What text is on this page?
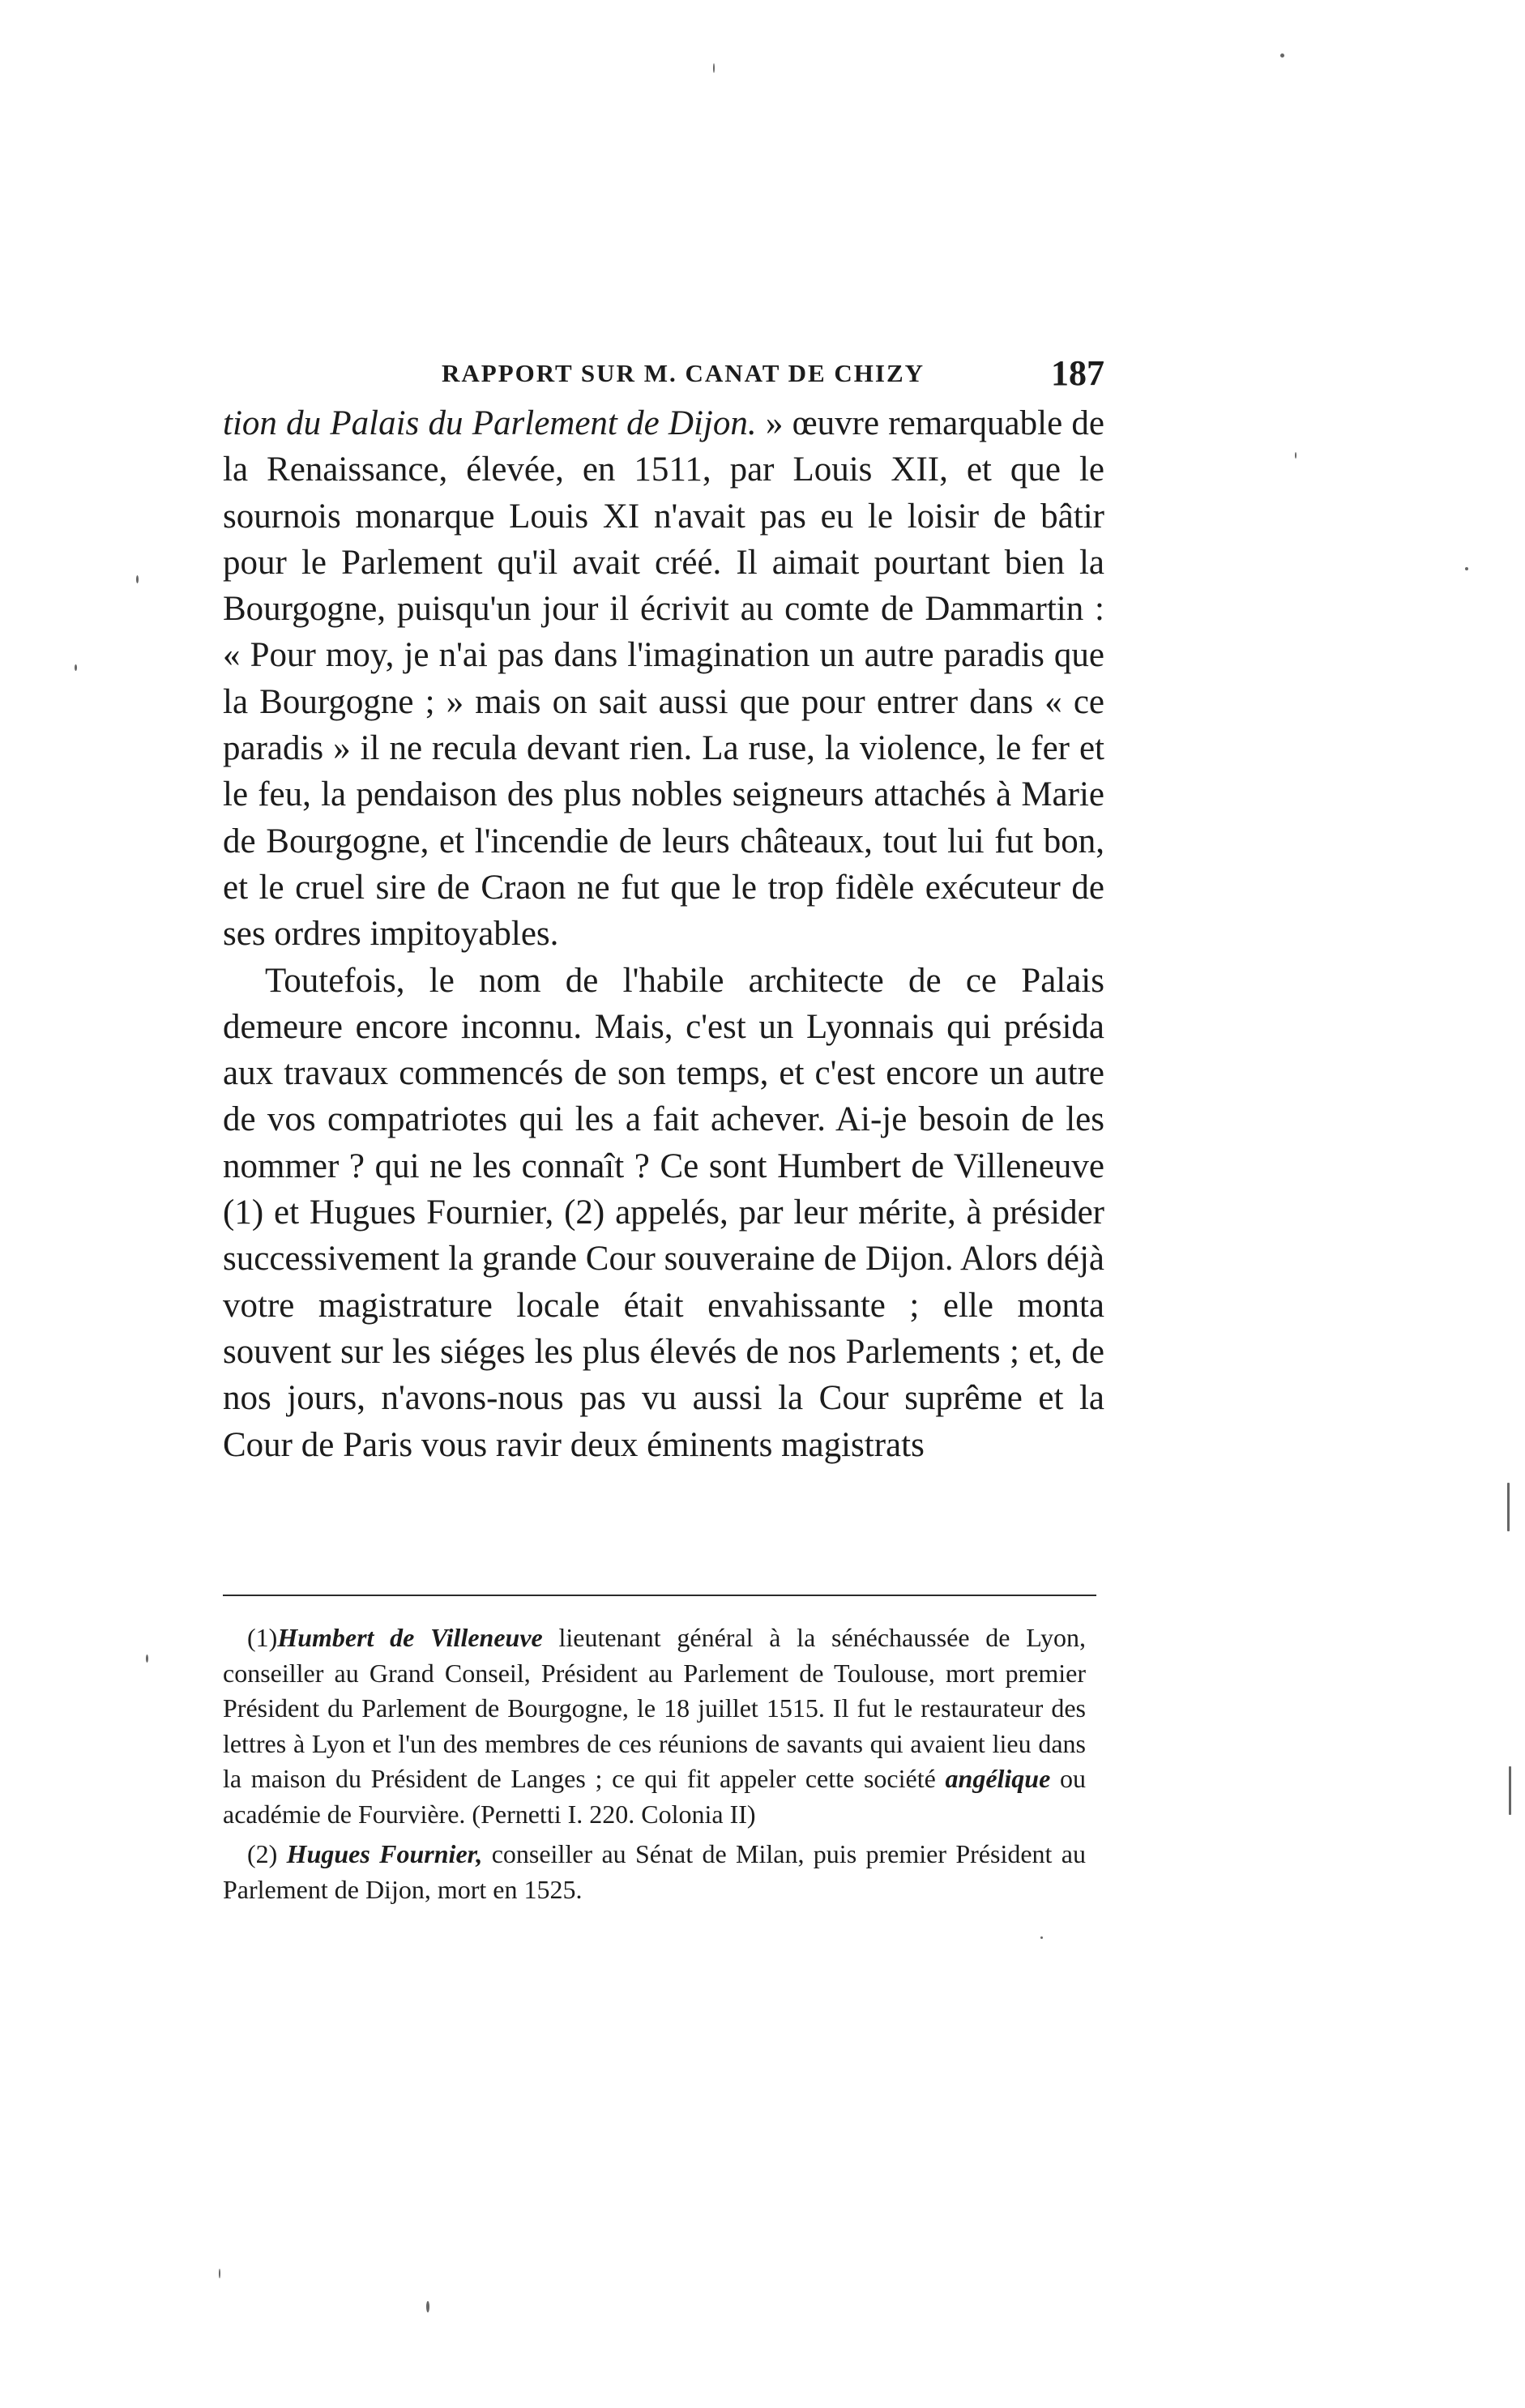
RAPPORT SUR M. CANAT DE CHIZY	187

tion du Palais du Parlement de Dijon. » œuvre remarquable de la Renaissance, élevée, en 1511, par Louis XII, et que le sournois monarque Louis XI n'avait pas eu le loisir de bâtir pour le Parlement qu'il avait créé. Il aimait pourtant bien la Bourgogne, puisqu'un jour il écrivit au comte de Dammartin : « Pour moy, je n'ai pas dans l'imagination un autre paradis que la Bourgogne ; » mais on sait aussi que pour entrer dans « ce paradis » il ne recula devant rien. La ruse, la violence, le fer et le feu, la pendaison des plus nobles seigneurs attachés à Marie de Bourgogne, et l'incendie de leurs châteaux, tout lui fut bon, et le cruel sire de Craon ne fut que le trop fidèle exécuteur de ses ordres impitoyables.

Toutefois, le nom de l'habile architecte de ce Palais demeure encore inconnu. Mais, c'est un Lyonnais qui présida aux travaux commencés de son temps, et c'est encore un autre de vos compatriotes qui les a fait achever. Ai-je besoin de les nommer ? qui ne les connaît ? Ce sont Humbert de Villeneuve (1) et Hugues Fournier, (2) appelés, par leur mérite, à présider successivement la grande Cour souveraine de Dijon. Alors déjà votre magistrature locale était envahissante ; elle monta souvent sur les siéges les plus élevés de nos Parlements ; et, de nos jours, n'avons-nous pas vu aussi la Cour suprême et la Cour de Paris vous ravir deux éminents magistrats

(1)Humbert de Villeneuve lieutenant général à la sénéchaussée de Lyon, conseiller au Grand Conseil, Président au Parlement de Toulouse, mort premier Président du Parlement de Bourgogne, le 18 juillet 1515. Il fut le restaurateur des lettres à Lyon et l'un des membres de ces réunions de savants qui avaient lieu dans la maison du Président de Langes ; ce qui fit appeler cette société angélique ou académie de Fourvière. (Pernetti I. 220. Colonia II)

(2) Hugues Fournier, conseiller au Sénat de Milan, puis premier Président au Parlement de Dijon, mort en 1525.
